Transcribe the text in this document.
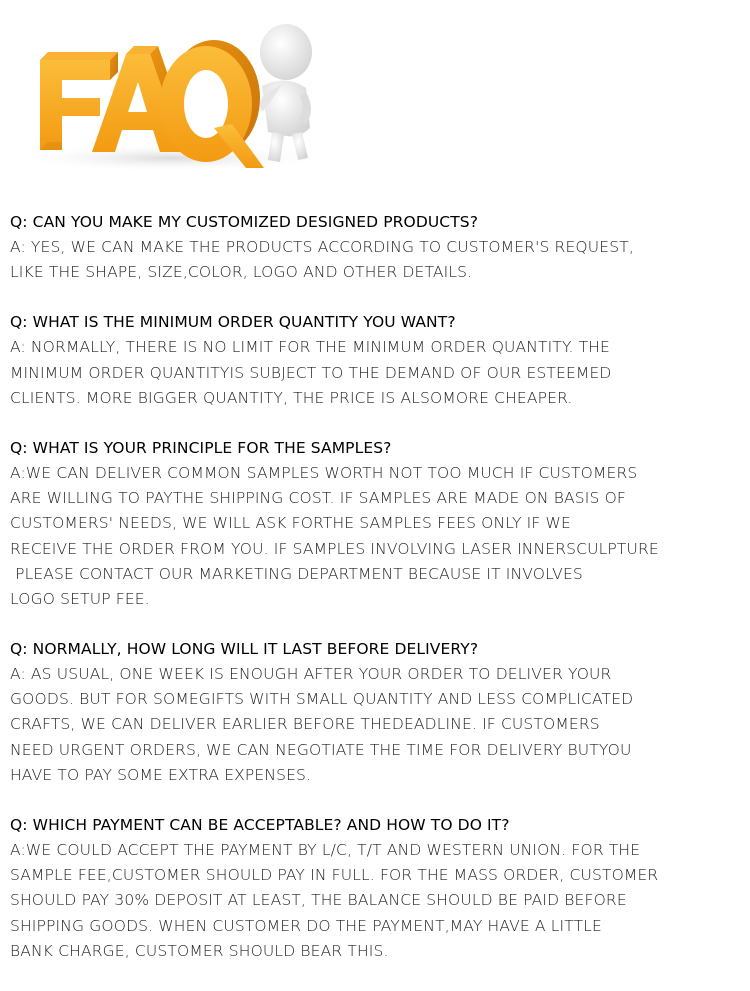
Q: CAN YOU MAKE MY CUSTOMIZED DESIGNED PRODUCTS?
A: YES, WE CAN MAKE THE PRODUCTS ACCORDING TO CUSTOMER'S REQUEST,
LIKE THE SHAPE, SIZE,COLOR, LOGO AND OTHER DETAILS.
Q: WHAT IS THE MINIMUM ORDER QUANTITY YOU WANT?
A: NORMALLY, THERE IS NO LIMIT FOR THE MINIMUM ORDER QUANTITY. THE
MINIMUM ORDER QUANTITYIS SUBJECT TO THE DEMAND OF OUR ESTEEMED
CLIENTS. MORE BIGGER QUANTITY, THE PRICE IS ALSOMORE CHEAPER.
Q: WHAT IS YOUR PRINCIPLE FOR THE SAMPLES?
A:WE CAN DELIVER COMMON SAMPLES WORTH NOT TOO MUCH IF CUSTOMERS
ARE WILLING TO PAYTHE SHIPPING COST. IF SAMPLES ARE MADE ON BASIS OF
CUSTOMERS' NEEDS, WE WILL ASK FORTHE SAMPLES FEES ONLY IF WE
RECEIVE THE ORDER FROM YOU. IF SAMPLES INVOLVING LASER INNERSCULPTURE
PLEASE CONTACT OUR MARKETING DEPARTMENT BECAUSE IT INVOLVES
LOGO SETUP FEE.
Q: NORMALLY, HOW LONG WILL IT LAST BEFORE DELIVERY?
A: AS USUAL, ONE WEEK IS ENOUGH AFTER YOUR ORDER TO DELIVER YOUR
GOODS. BUT FOR SOMEGIFTS WITH SMALL QUANTITY AND LESS COMPLICATED
CRAFTS, WE CAN DELIVER EARLIER BEFORE THEDEADLINE. IF CUSTOMERS
NEED URGENT ORDERS, WE CAN NEGOTIATE THE TIME FOR DELIVERY BUTYOU
HAVE TO PAY SOME EXTRA EXPENSES.
Q: WHICH PAYMENT CAN BE ACCEPTABLE? AND HOW TO DO IT?
A:WE COULD ACCEPT THE PAYMENT BY L/C, T/T AND WESTERN UNION. FOR THE
SAMPLE FEE,CUSTOMER SHOULD PAY IN FULL. FOR THE MASS ORDER, CUSTOMER
SHOULD PAY 30% DEPOSIT AT LEAST, THE BALANCE SHOULD BE PAID BEFORE
SHIPPING GOODS. WHEN CUSTOMER DO THE PAYMENT,MAY HAVE A LITTLE
BANK CHARGE, CUSTOMER SHOULD BEAR THIS.
